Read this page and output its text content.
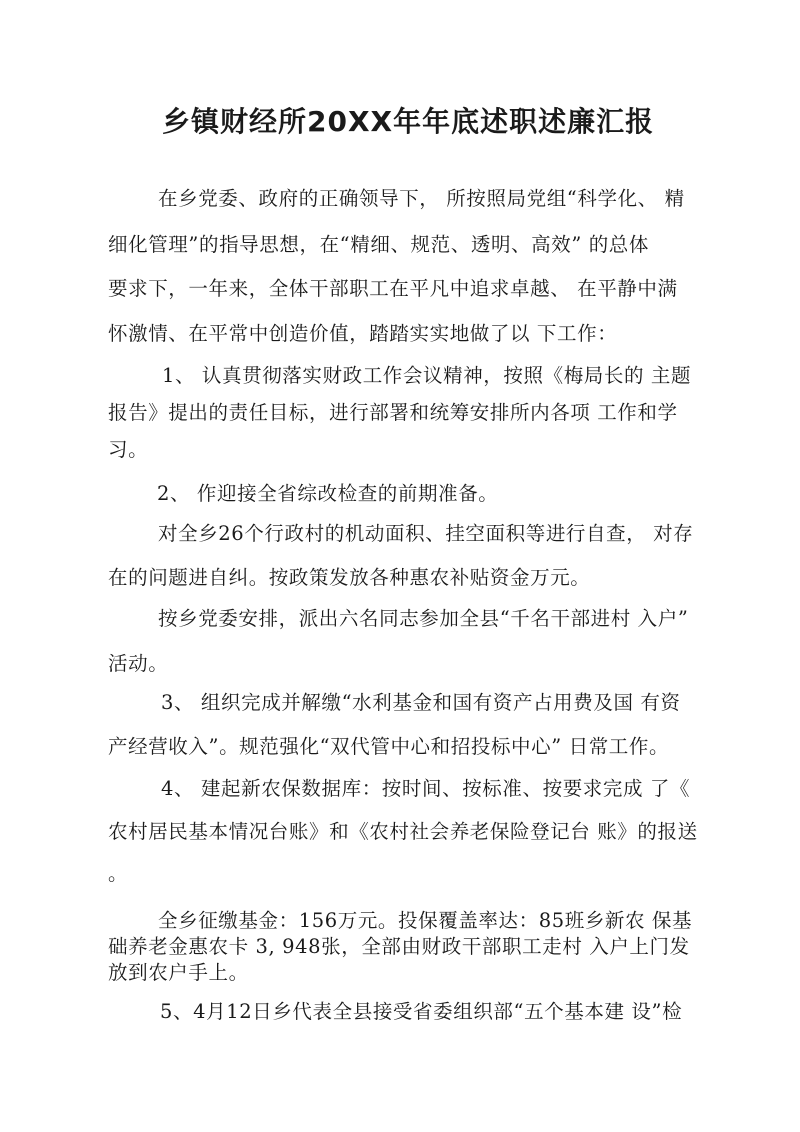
乡镇财经所20XX年年底述职述廉汇报
在乡党委、政府的正确领导下， 所按照局党组“科学化、 精
细化管理”的指导思想，在“精细、规范、透明、高效” 的总体
要求下，一年来，全体干部职工在平凡中追求卓越、 在平静中满
怀激情、在平常中创造价值，踏踏实实地做了以 下工作：
1、 认真贯彻落实财政工作会议精神，按照《梅局长的 主题
报告》提出的责任目标，进行部署和统筹安排所内各项 工作和学
习。
2、 作迎接全省综改检查的前期准备。
对全乡26个行政村的机动面积、挂空面积等进行自查， 对存
在的问题进自纠。按政策发放各种惠农补贴资金万元。
按乡党委安排，派出六名同志参加全县“千名干部进村 入户”
活动。
3、 组织完成并解缴“水利基金和国有资产占用费及国 有资
产经营收入”。规范强化“双代管中心和招投标中心” 日常工作。
4、 建起新农保数据库：按时间、按标准、按要求完成 了《
农村居民基本情况台账》和《农村社会养老保险登记台 账》的报送
。
全乡征缴基金：156万元。投保覆盖率达：85班乡新农 保基
础养老金惠农卡 3, 948张，全部由财政干部职工走村 入户上门发
放到农户手上。
5、4月12日乡代表全县接受省委组织部“五个基本建 设”检
